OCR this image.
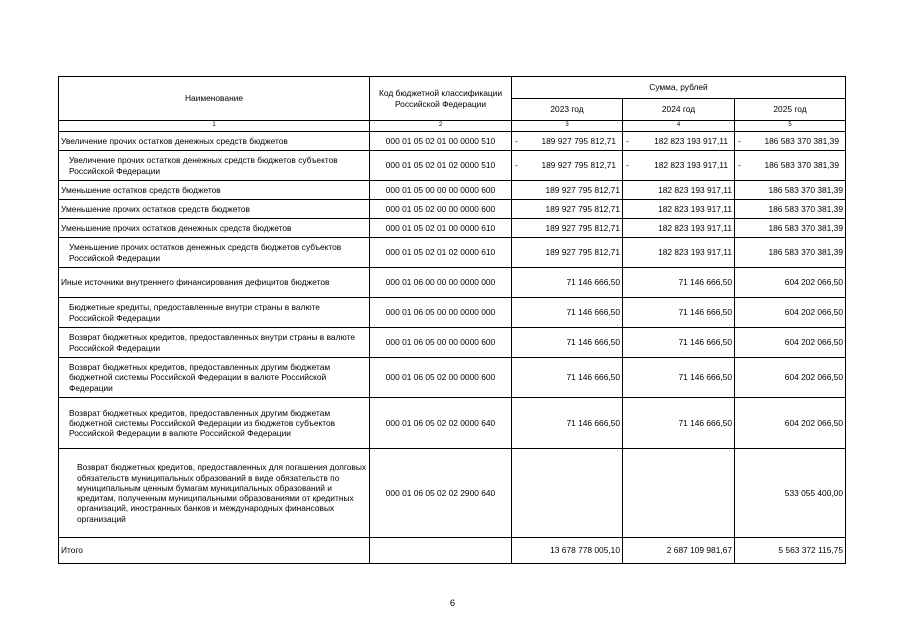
Наименование	Код бюджетной классификации Российской Федерации	Сумма, рублей		
		2023 год	2024 год	2025 год
1	2	3	4	5
Увеличение прочих остатков денежных средств бюджетов	000 01 05 02 01 00 0000 510	- 189 927 795 812,71	- 182 823 193 917,11	- 186 583 370 381,39

Увеличение прочих остатков денежных средств бюджетов субъектов Российской Федерации	000 01 05 02 01 02 0000 510	- 189 927 795 812,71	- 182 823 193 917,11	- 186 583 370 381,39

Уменьшение остатков средств бюджетов	000 01 05 00 00 00 0000 600	189 927 795 812,71	182 823 193 917,11	186 583 370 381,39
Уменьшение прочих остатков средств бюджетов	000 01 05 02 00 00 0000 600	189 927 795 812,71	182 823 193 917,11	186 583 370 381,39
Уменьшение прочих остатков денежных средств бюджетов	000 01 05 02 01 00 0000 610	189 927 795 812,71	182 823 193 917,11	186 583 370 381,39
Уменьшение прочих остатков денежных средств бюджетов субъектов Российской Федерации	000 01 05 02 01 02 0000 610	189 927 795 812,71	182 823 193 917,11	186 583 370 381,39
Иные источники внутреннего финансирования дефицитов бюджетов	000 01 06 00 00 00 0000 000	71 146 666,50	71 146 666,50	604 202 066,50
Бюджетные кредиты, предоставленные внутри страны в валюте Российской Федерации	000 01 06 05 00 00 0000 000	71 146 666,50	71 146 666,50	604 202 066,50
Возврат бюджетных кредитов, предоставленных внутри страны в валюте Российской Федерации	000 01 06 05 00 00 0000 600	71 146 666,50	71 146 666,50	604 202 066,50
Возврат бюджетных кредитов, предоставленных другим бюджетам бюджетной системы Российской Федерации в валюте Российской Федерации	000 01 06 05 02 00 0000 600	71 146 666,50	71 146 666,50	604 202 066,50
Возврат бюджетных кредитов, предоставленных другим бюджетам бюджетной системы Российской Федерации из бюджетов субъектов Российской Федерации в валюте Российской Федерации	000 01 06 05 02 02 0000 640	71 146 666,50	71 146 666,50	604 202 066,50
Возврат бюджетных кредитов, предоставленных для погашения долговых обязательств муниципальных образований в виде обязательств по муниципальным ценным бумагам муниципальных образований и кредитам, полученным муниципальными образованиями от кредитных организаций, иностранных банков и международных финансовых организаций	000 01 06 05 02 02 2900 640			533 055 400,00
Итого		13 678 778 005,10	2 687 109 981,67	5 563 372 115,75
6
